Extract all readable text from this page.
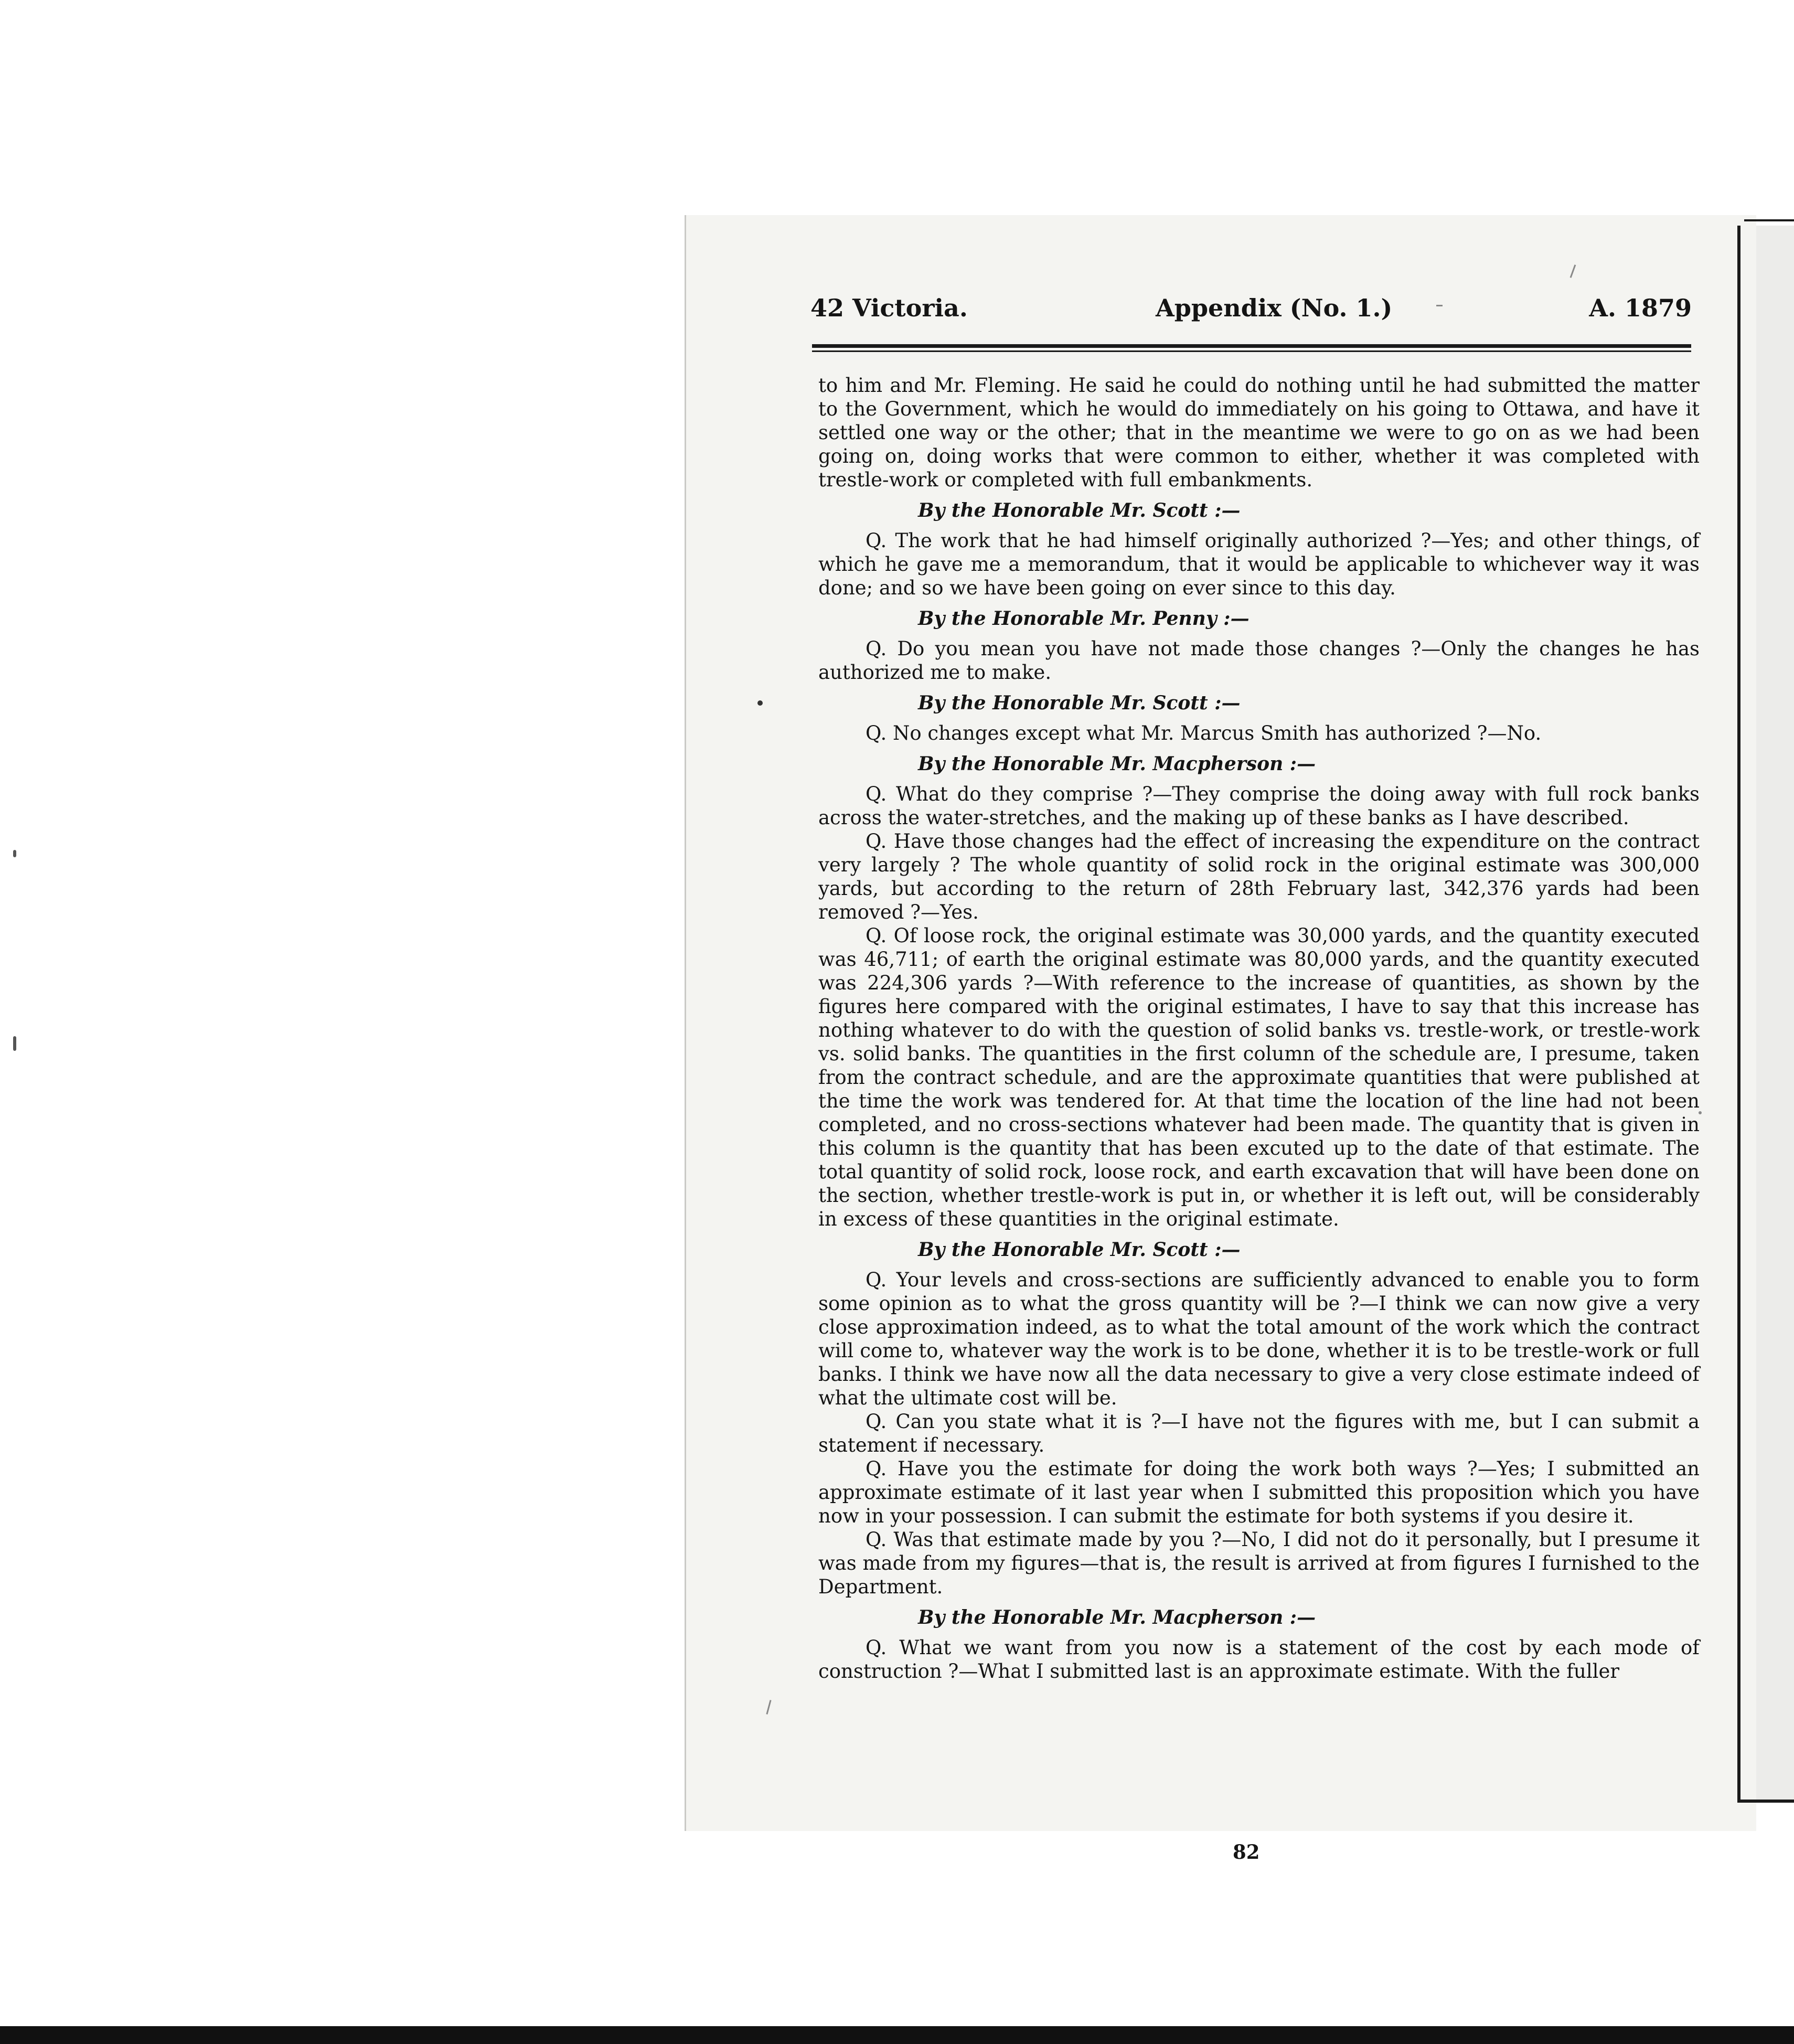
42 Victoria.	Appendix (No. 1.)	A. 1879

to him and Mr. Fleming. He said he could do nothing until he had submitted the matter to the Government, which he would do immediately on his going to Ottawa, and have it settled one way or the other; that in the meantime we were to go on as we had been going on, doing works that were common to either, whether it was completed with trestle-work or completed with full embankments.

By the Honorable Mr. Scott :—

Q. The work that he had himself originally authorized ?—Yes; and other things, of which he gave me a memorandum, that it would be applicable to whichever way it was done; and so we have been going on ever since to this day.

By the Honorable Mr. Penny :—

Q. Do you mean you have not made those changes ?—Only the changes he has authorized me to make.

By the Honorable Mr. Scott :—

Q. No changes except what Mr. Marcus Smith has authorized ?—No.

By the Honorable Mr. Macpherson :—

Q. What do they comprise ?—They comprise the doing away with full rock banks across the water-stretches, and the making up of these banks as I have described.

Q. Have those changes had the effect of increasing the expenditure on the contract very largely ? The whole quantity of solid rock in the original estimate was 300,000 yards, but according to the return of 28th February last, 342,376 yards had been removed ?—Yes.

Q. Of loose rock, the original estimate was 30,000 yards, and the quantity executed was 46,711; of earth the original estimate was 80,000 yards, and the quantity executed was 224,306 yards ?—With reference to the increase of quantities, as shown by the figures here compared with the original estimates, I have to say that this increase has nothing whatever to do with the question of solid banks vs. trestle-work, or trestle-work vs. solid banks. The quantities in the first column of the schedule are, I presume, taken from the contract schedule, and are the approximate quantities that were published at the time the work was tendered for. At that time the location of the line had not been completed, and no cross-sections whatever had been made. The quantity that is given in this column is the quantity that has been excuted up to the date of that estimate. The total quantity of solid rock, loose rock, and earth excavation that will have been done on the section, whether trestle-work is put in, or whether it is left out, will be considerably in excess of these quantities in the original estimate.

By the Honorable Mr. Scott :—

Q. Your levels and cross-sections are sufficiently advanced to enable you to form some opinion as to what the gross quantity will be ?—I think we can now give a very close approximation indeed, as to what the total amount of the work which the contract will come to, whatever way the work is to be done, whether it is to be trestle-work or full banks. I think we have now all the data necessary to give a very close estimate indeed of what the ultimate cost will be.

Q. Can you state what it is ?—I have not the figures with me, but I can submit a statement if necessary.

Q. Have you the estimate for doing the work both ways ?—Yes; I submitted an approximate estimate of it last year when I submitted this proposition which you have now in your possession. I can submit the estimate for both systems if you desire it.

Q. Was that estimate made by you ?—No, I did not do it personally, but I presume it was made from my figures—that is, the result is arrived at from figures I furnished to the Department.

By the Honorable Mr. Macpherson :—

Q. What we want from you now is a statement of the cost by each mode of construction ?—What I submitted last is an approximate estimate. With the fuller

82
